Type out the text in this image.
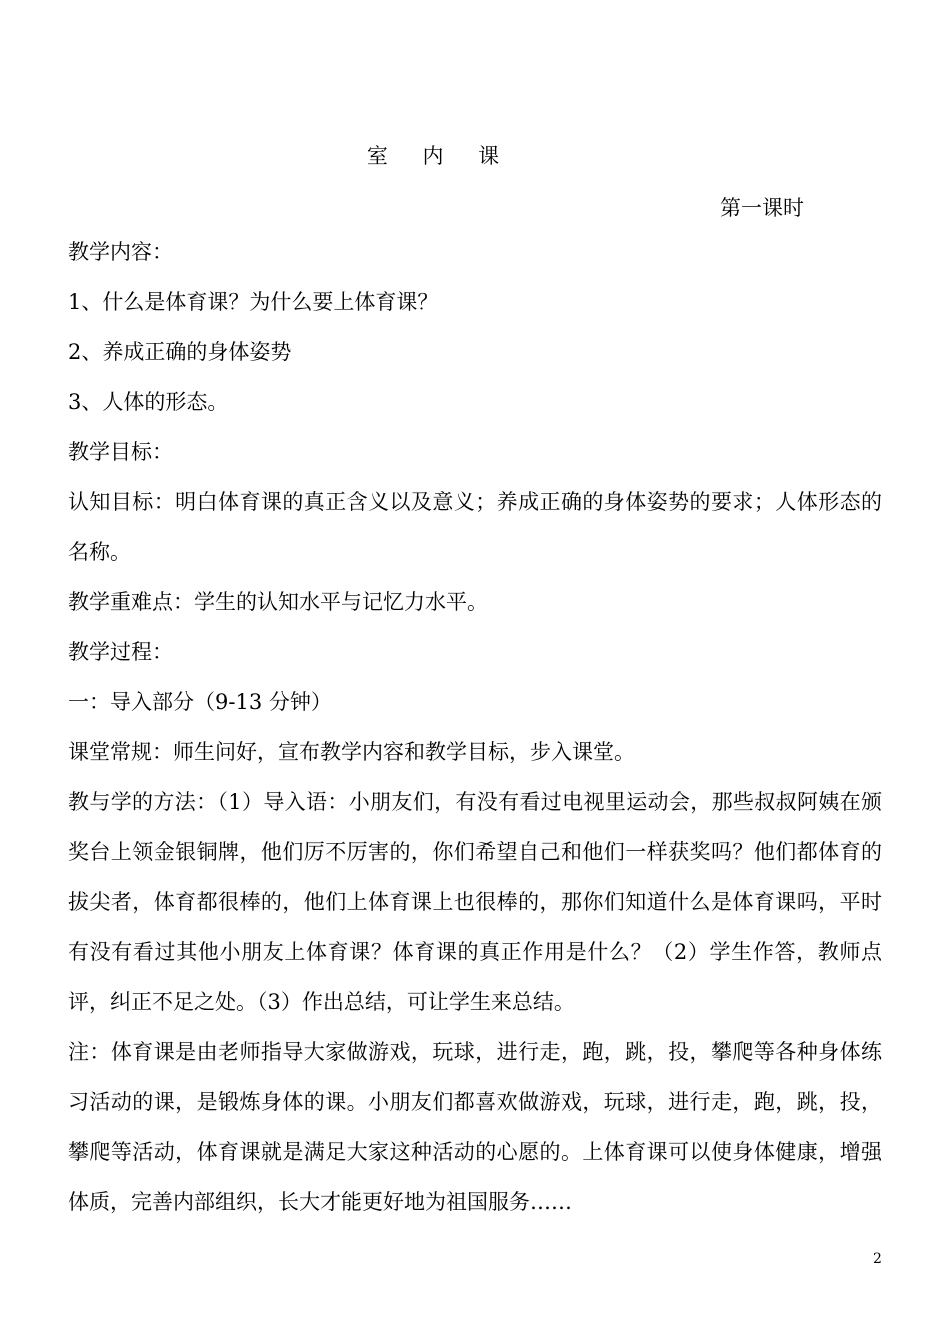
室 内 课
第一课时
教学内容：
1、什么是体育课？为什么要上体育课？
2、养成正确的身体姿势
3、人体的形态。
教学目标：
认知目标：明白体育课的真正含义以及意义；养成正确的身体姿势的要求；人体形态的名称。
教学重难点：学生的认知水平与记忆力水平。
教学过程：
一：导入部分（9-13 分钟）
课堂常规：师生问好，宣布教学内容和教学目标，步入课堂。
教与学的方法：（1）导入语：小朋友们，有没有看过电视里运动会，那些叔叔阿姨在颁奖台上领金银铜牌，他们厉不厉害的，你们希望自己和他们一样获奖吗？他们都体育的拔尖者，体育都很棒的，他们上体育课上也很棒的，那你们知道什么是体育课吗，平时有没有看过其他小朋友上体育课？体育课的真正作用是什么？（2）学生作答，教师点评，纠正不足之处。（3）作出总结，可让学生来总结。
注：体育课是由老师指导大家做游戏，玩球，进行走，跑，跳，投，攀爬等各种身体练习活动的课，是锻炼身体的课。小朋友们都喜欢做游戏，玩球，进行走，跑，跳，投，攀爬等活动，体育课就是满足大家这种活动的心愿的。上体育课可以使身体健康，增强体质，完善内部组织，长大才能更好地为祖国服务……
2
